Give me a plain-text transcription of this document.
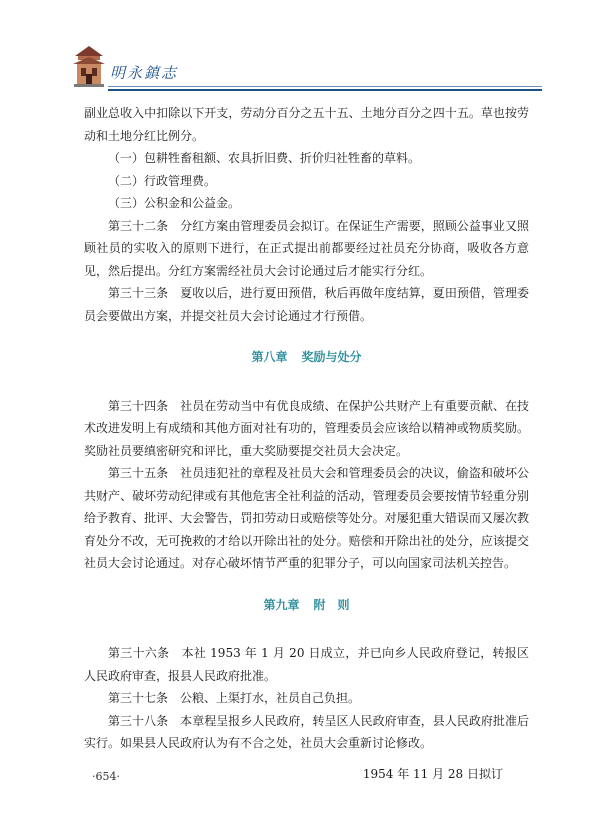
明永鎮志

副业总收入中扣除以下开支，劳动分百分之五十五、土地分百分之四十五。草也按劳动和土地分红比例分。

（一）包耕牲畜租额、农具折旧费、折价归社牲畜的草料。

（二）行政管理费。

（三）公积金和公益金。

第三十二条　分红方案由管理委员会拟订。在保证生产需要，照顾公益事业又照顾社员的实收入的原则下进行，在正式提出前都要经过社员充分协商，吸收各方意见，然后提出。分红方案需经社员大会讨论通过后才能实行分红。

第三十三条　夏收以后，进行夏田预借，秋后再做年度结算，夏田预借，管理委员会要做出方案，并提交社员大会讨论通过才行预借。

第八章 奖励与处分

第三十四条　社员在劳动当中有优良成绩、在保护公共财产上有重要贡献、在技术改进发明上有成绩和其他方面对社有功的，管理委员会应该给以精神或物质奖励。奖励社员要缜密研究和评比，重大奖励要提交社员大会决定。

第三十五条　社员违犯社的章程及社员大会和管理委员会的决议，偷盗和破坏公共财产、破坏劳动纪律或有其他危害全社利益的活动，管理委员会要按情节轻重分别给予教育、批评、大会警告，罚扣劳动日或赔偿等处分。对屡犯重大错误而又屡次教育处分不改，无可挽救的才给以开除出社的处分。赔偿和开除出社的处分，应该提交社员大会讨论通过。对存心破坏情节严重的犯罪分子，可以向国家司法机关控告。

第九章 附　则

第三十六条　本社 1953 年 1 月 20 日成立，并已向乡人民政府登记，转报区人民政府审查，报县人民政府批准。

第三十七条　公粮、上渠打水，社员自己负担。

第三十八条　本章程呈报乡人民政府，转呈区人民政府审查，县人民政府批准后实行。如果县人民政府认为有不合之处，社员大会重新讨论修改。

1954 年 11 月 28 日拟订

·654·
